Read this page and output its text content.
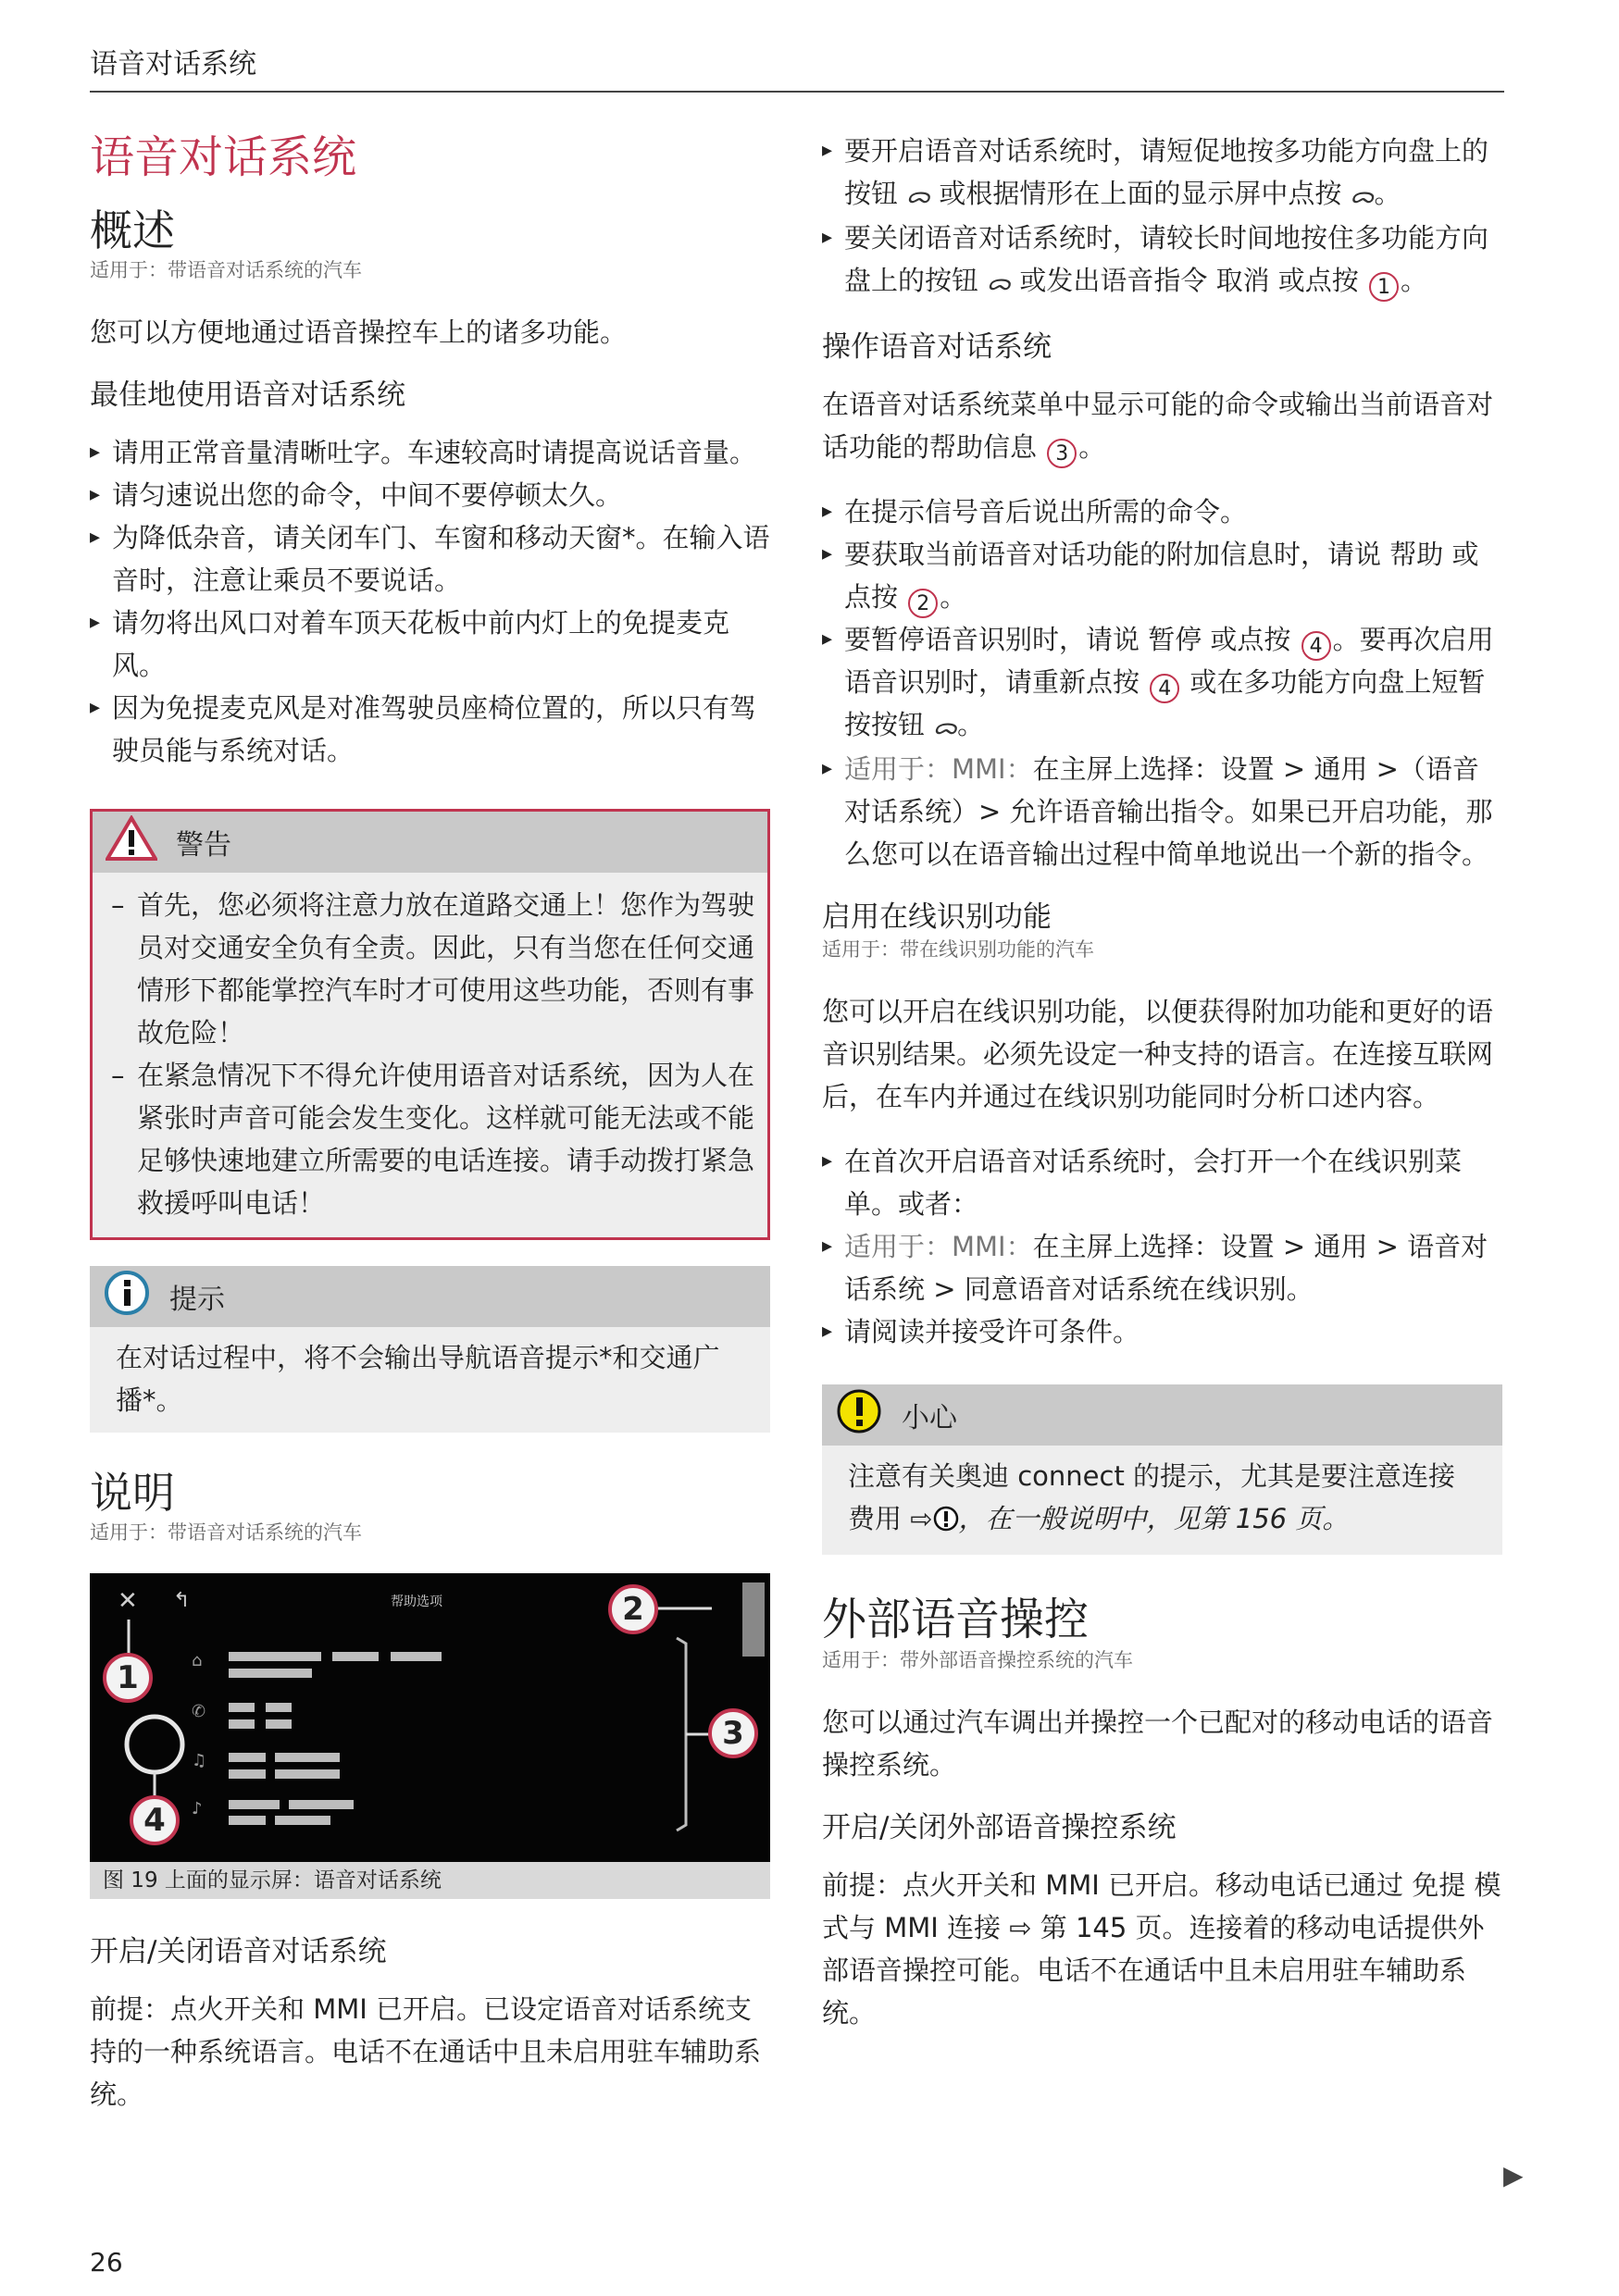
语音对话系统
语音对话系统
概述
适用于：带语音对话系统的汽车

您可以方便地通过语音操控车上的诸多功能。

最佳地使用语音对话系统
▸ 请用正常音量清晰吐字。车速较高时请提高说话音量。
▸ 请匀速说出您的命令，中间不要停顿太久。
▸ 为降低杂音，请关闭车门、车窗和移动天窗*。在输入语音时，注意让乘员不要说话。
▸ 请勿将出风口对着车顶天花板中前内灯上的免提麦克风。
▸ 因为免提麦克风是对准驾驶员座椅位置的，所以只有驾驶员能与系统对话。
警告
– 首先，您必须将注意力放在道路交通上！您作为驾驶员对交通安全负有全责。因此，只有当您在任何交通情形下都能掌控汽车时才可使用这些功能，否则有事故危险！
– 在紧急情况下不得允许使用语音对话系统，因为人在紧张时声音可能会发生变化。这样就可能无法或不能足够快速地建立所需要的电话连接。请手动拨打紧急救援呼叫电话！
提示
在对话过程中，将不会输出导航语音提示*和交通广播*。
说明
适用于：带语音对话系统的汽车
✕ ↰
⌂
✆
♫
♪
帮助选项
1
2
3
4
图 19 上面的显示屏：语音对话系统
开启/关闭语音对话系统

前提：点火开关和 MMI 已开启。已设定语音对话系统支持的一种系统语言。电话不在通话中且未启用驻车辅助系统。

▸ 要开启语音对话系统时，请短促地按多功能方向盘上的按钮 ᯅ 或根据情形在上面的显示屏中点按 ᯅ。
▸ 要关闭语音对话系统时，请较长时间地按住多功能方向盘上的按钮 ᯅ 或发出语音指令 取消 或点按 1 。
操作语音对话系统

在语音对话系统菜单中显示可能的命令或输出当前语音对话功能的帮助信息 3 。

▸ 在提示信号音后说出所需的命令。
▸ 要获取当前语音对话功能的附加信息时，请说 帮助 或点按 2 。
▸ 要暂停语音识别时，请说 暂停 或点按 4 。要再次启用语音识别时，请重新点按 4 或在多功能方向盘上短暂按按钮 ᯅ。
▸ 适用于：MMI：在主屏上选择：设置 > 通用 >（语音对话系统）> 允许语音输出指令。如果已开启功能，那么您可以在语音输出过程中简单地说出一个新的指令。
启用在线识别功能
适用于：带在线识别功能的汽车

您可以开启在线识别功能，以便获得附加功能和更好的语音识别结果。必须先设定一种支持的语言。在连接互联网后，在车内并通过在线识别功能同时分析口述内容。

▸ 在首次开启语音对话系统时，会打开一个在线识别菜单。或者：
▸ 适用于：MMI：在主屏上选择：设置 > 通用 > 语音对话系统 > 同意语音对话系统在线识别。
▸ 请阅读并接受许可条件。
小心
注意有关奥迪 connect 的提示，尤其是要注意连接费用 ⇨ ，在一般说明中，见第 156 页。
外部语音操控
适用于：带外部语音操控系统的汽车

您可以通过汽车调出并操控一个已配对的移动电话的语音操控系统。

开启/关闭外部语音操控系统

前提：点火开关和 MMI 已开启。移动电话已通过 免提 模式与 MMI 连接 ⇨ 第 145 页。连接着的移动电话提供外部语音操控可能。电话不在通话中且未启用驻车辅助系统。

26
▶
